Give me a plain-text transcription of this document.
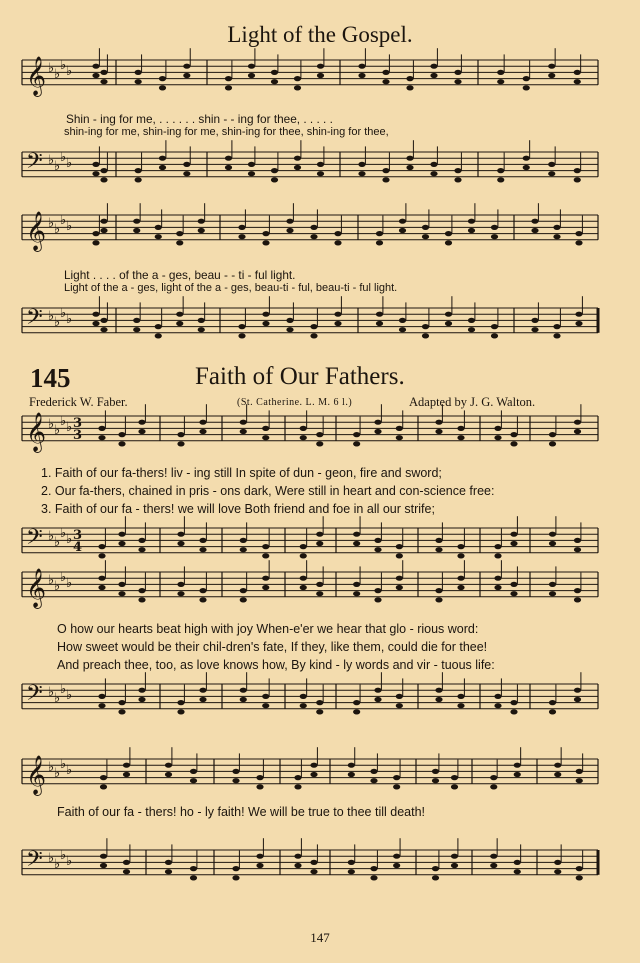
𝄞 ♭ ♭
♭ ♭
𝄢 ♭ ♭
♭ ♭
𝄞 ♭ ♭
♭ ♭
𝄢 ♭ ♭
♭ ♭
𝄞 ♭ ♭
♭ ♭
𝄢 ♭ ♭
♭ ♭
𝄞 ♭ ♭
♭ ♭
𝄢 ♭ ♭
♭ ♭
𝄞 ♭ ♭
♭ ♭
𝄢 ♭ ♭
♭ ♭
3
3
3
4
Light of the Gospel.
Shin - ing for me, . . . . . . shin - - ing for thee, . . . . .
shin-ing for me, shin-ing for me, shin-ing for thee, shin-ing for thee,
Light . . . . of the a - ges, beau - - ti - ful light.
Light of the a - ges, light of the a - ges, beau-ti - ful, beau-ti - ful light.
145	Faith of Our Fathers.
Frederick W. Faber.	(St. Catherine. L. M. 6 l.)	Adapted by J. G. Walton.
1. Faith of our fa-thers! liv - ing still In spite of dun - geon, fire and sword;
2. Our fa-thers, chained in pris - ons dark, Were still in heart and con-science free:
3. Faith of our fa - thers! we will love Both friend and foe in all our strife;
O how our hearts beat high with joy When-e'er we hear that glo - rious word:
How sweet would be their chil-dren's fate, If they, like them, could die for thee!
And preach thee, too, as love knows how, By kind - ly words and vir - tuous life:
Faith of our fa - thers! ho - ly faith! We will be true to thee till death!
147
